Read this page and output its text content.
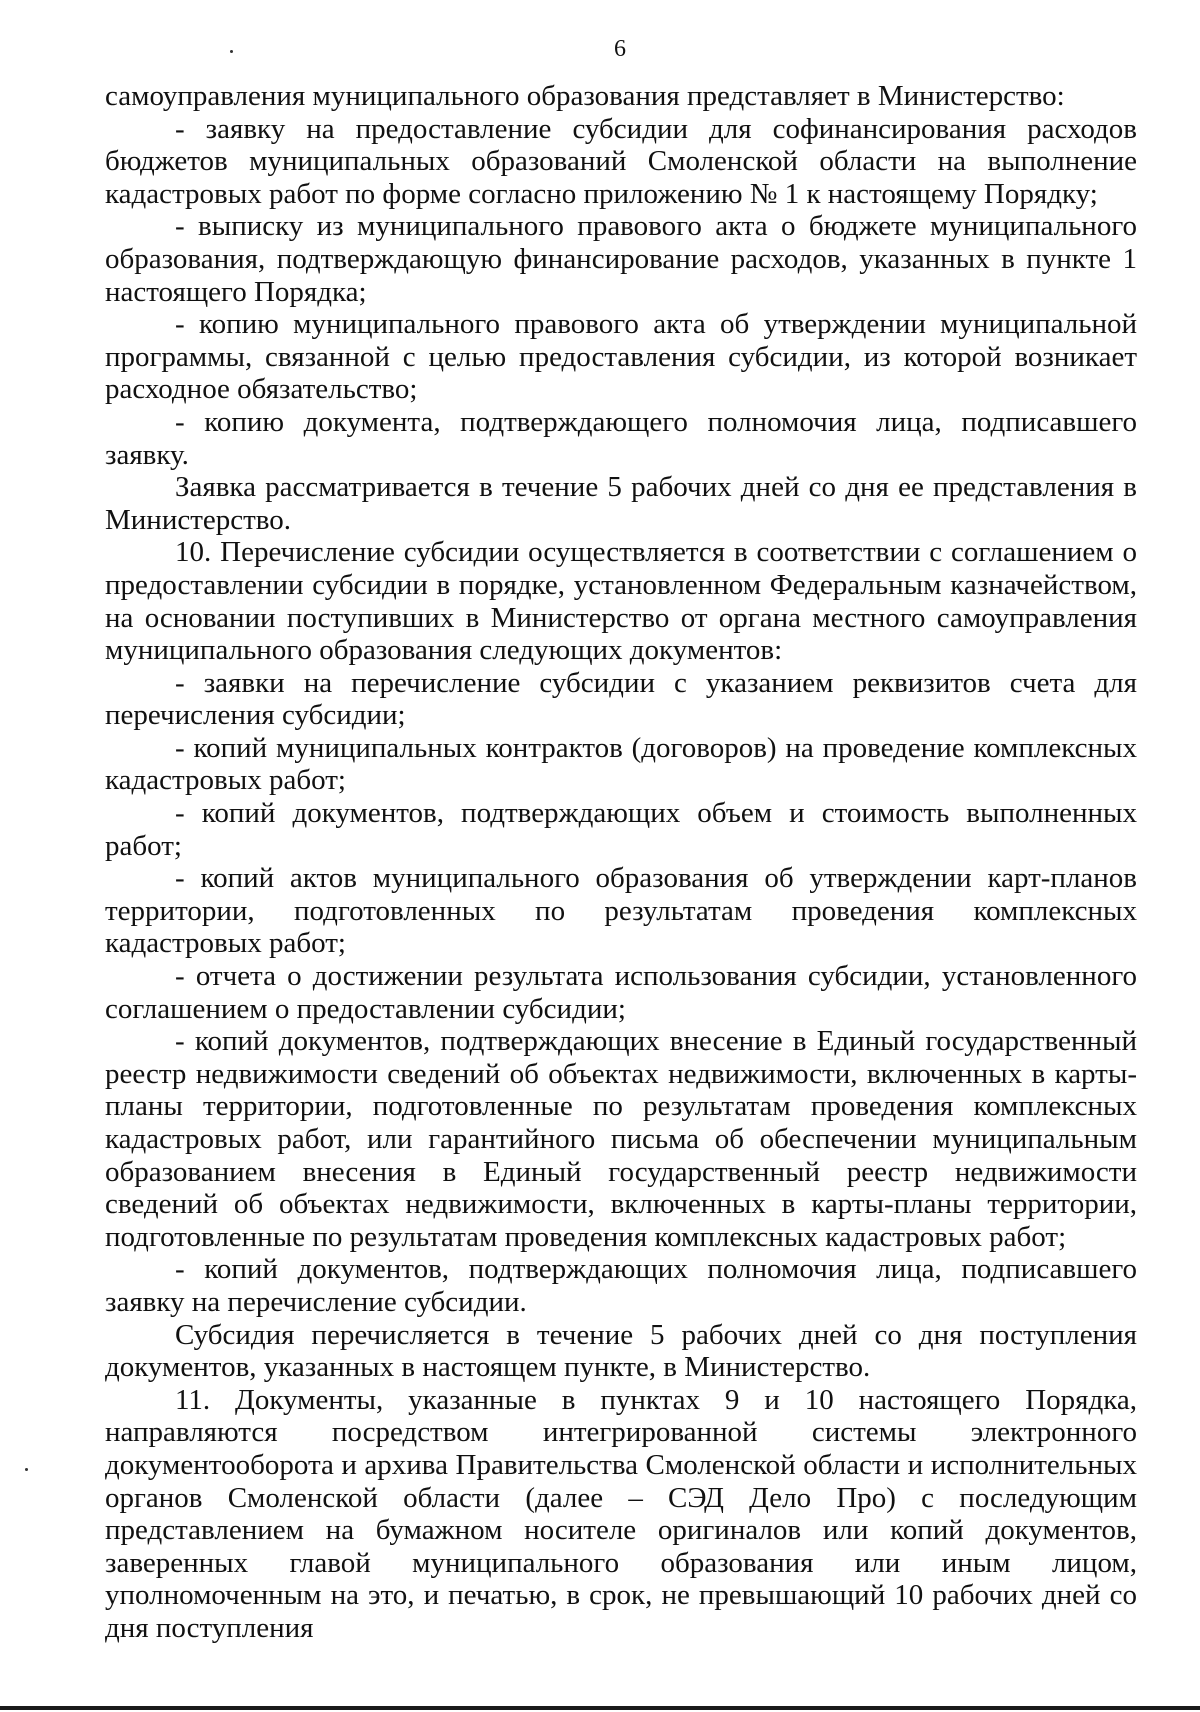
6

самоуправления муниципального образования представляет в Министерство:

- заявку на предоставление субсидии для софинансирования расходов бюджетов муниципальных образований Смоленской области на выполнение кадастровых работ по форме согласно приложению № 1 к настоящему Порядку;

- выписку из муниципального правового акта о бюджете муниципального образования, подтверждающую финансирование расходов, указанных в пункте 1 настоящего Порядка;

- копию муниципального правового акта об утверждении муниципальной программы, связанной с целью предоставления субсидии, из которой возникает расходное обязательство;

- копию документа, подтверждающего полномочия лица, подписавшего заявку.

Заявка рассматривается в течение 5 рабочих дней со дня ее представления в Министерство.

10. Перечисление субсидии осуществляется в соответствии с соглашением о предоставлении субсидии в порядке, установленном Федеральным казначейством, на основании поступивших в Министерство от органа местного самоуправления муниципального образования следующих документов:

- заявки на перечисление субсидии с указанием реквизитов счета для перечисления субсидии;

- копий муниципальных контрактов (договоров) на проведение комплексных кадастровых работ;

- копий документов, подтверждающих объем и стоимость выполненных работ;

- копий актов муниципального образования об утверждении карт-планов территории, подготовленных по результатам проведения комплексных кадастровых работ;

- отчета о достижении результата использования субсидии, установленного соглашением о предоставлении субсидии;

- копий документов, подтверждающих внесение в Единый государственный реестр недвижимости сведений об объектах недвижимости, включенных в карты-планы территории, подготовленные по результатам проведения комплексных кадастровых работ, или гарантийного письма об обеспечении муниципальным образованием внесения в Единый государственный реестр недвижимости сведений об объектах недвижимости, включенных в карты-планы территории, подготовленные по результатам проведения комплексных кадастровых работ;

- копий документов, подтверждающих полномочия лица, подписавшего заявку на перечисление субсидии.

Субсидия перечисляется в течение 5 рабочих дней со дня поступления документов, указанных в настоящем пункте, в Министерство.

11. Документы, указанные в пунктах 9 и 10 настоящего Порядка, направляются посредством интегрированной системы электронного документооборота и архива Правительства Смоленской области и исполнительных органов Смоленской области (далее – СЭД Дело Про) с последующим представлением на бумажном носителе оригиналов или копий документов, заверенных главой муниципального образования или иным лицом, уполномоченным на это, и печатью, в срок, не превышающий 10 рабочих дней со дня поступления
